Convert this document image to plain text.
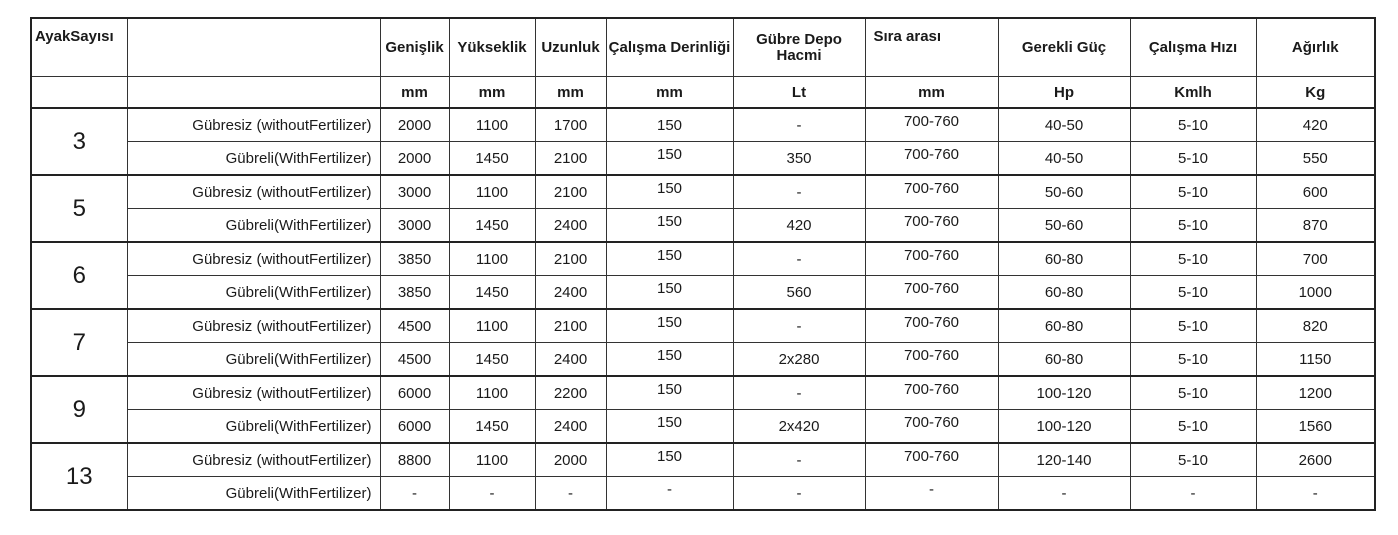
AyakSayısı		Genişlik	Yükseklik	Uzunluk	Çalışma Derinliği	Gübre Depo Hacmi	Sıra arası	Gerekli Güç	Çalışma Hızı	Ağırlık
		mm	mm	mm	mm	Lt	mm	Hp	Kmlh	Kg
3	Gübresiz (withoutFertilizer)	2000	1100	1700	150	-	700-760	40-50	5-10	420
	Gübreli(WithFertilizer)	2000	1450	2100	150	350	700-760	40-50	5-10	550
5	Gübresiz (withoutFertilizer)	3000	1100	2100	150	-	700-760	50-60	5-10	600
	Gübreli(WithFertilizer)	3000	1450	2400	150	420	700-760	50-60	5-10	870
6	Gübresiz (withoutFertilizer)	3850	1100	2100	150	-	700-760	60-80	5-10	700
	Gübreli(WithFertilizer)	3850	1450	2400	150	560	700-760	60-80	5-10	1000
7	Gübresiz (withoutFertilizer)	4500	1100	2100	150	-	700-760	60-80	5-10	820
	Gübreli(WithFertilizer)	4500	1450	2400	150	2x280	700-760	60-80	5-10	1150
9	Gübresiz (withoutFertilizer)	6000	1100	2200	150	-	700-760	100-120	5-10	1200
	Gübreli(WithFertilizer)	6000	1450	2400	150	2x420	700-760	100-120	5-10	1560
13	Gübresiz (withoutFertilizer)	8800	1100	2000	150	-	700-760	120-140	5-10	2600
	Gübreli(WithFertilizer)	-	-	-	-	-	-	-	-	-
